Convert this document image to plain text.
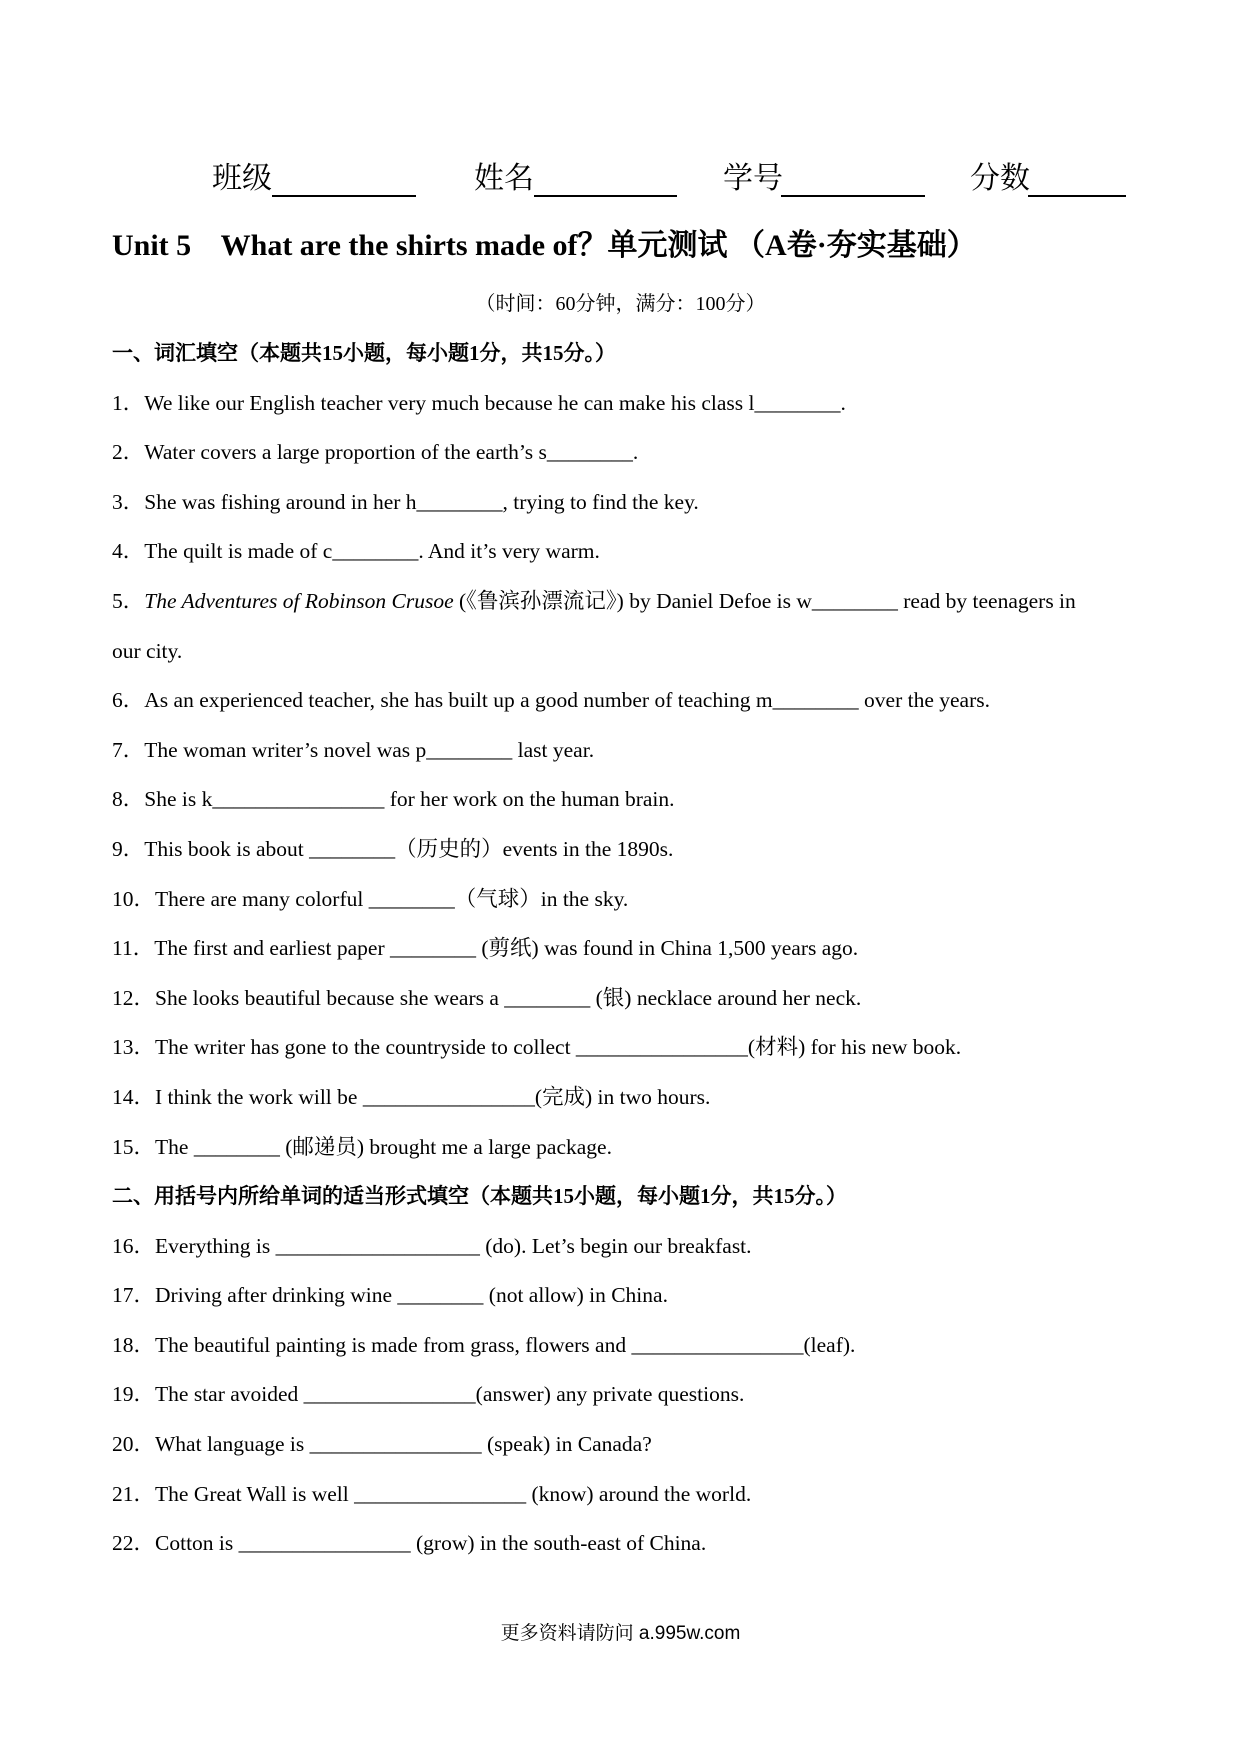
班级	姓名	学号	分数
Unit 5    What are the shirts made of？单元测试 （A卷·夯实基础）
（时间：60分钟，满分：100分）

一、词汇填空（本题共15小题，每小题1分，共15分。）

1．We like our English teacher very much because he can make his class l________.

2．Water covers a large proportion of the earth’s s________.

3．She was fishing around in her h________, trying to find the key.

4．The quilt is made of c________. And it’s very warm.

5．The Adventures of Robinson Crusoe (《鲁滨孙漂流记》) by Daniel Defoe is w________ read by teenagers in
our city.

6．As an experienced teacher, she has built up a good number of teaching m________ over the years.

7．The woman writer’s novel was p________ last year.

8．She is k________________ for her work on the human brain.

9．This book is about ________（历史的）events in the 1890s.

10．There are many colorful ________（气球）in the sky.

11．The first and earliest paper ________ (剪纸) was found in China 1,500 years ago.

12．She looks beautiful because she wears a ________ (银) necklace around her neck.

13．The writer has gone to the countryside to collect ________________(材料) for his new book.

14．I think the work will be ________________(完成) in two hours.

15．The ________ (邮递员) brought me a large package.

二、用括号内所给单词的适当形式填空（本题共15小题，每小题1分，共15分。）

16．Everything is ___________________ (do). Let’s begin our breakfast.

17．Driving after drinking wine ________ (not allow) in China.

18．The beautiful painting is made from grass, flowers and ________________(leaf).

19．The star avoided ________________(answer) any private questions.

20．What language is ________________ (speak) in Canada?

21．The Great Wall is well ________________ (know) around the world.

22．Cotton is ________________ (grow) in the south-east of China.

更多资料请防问 a.995w.com
